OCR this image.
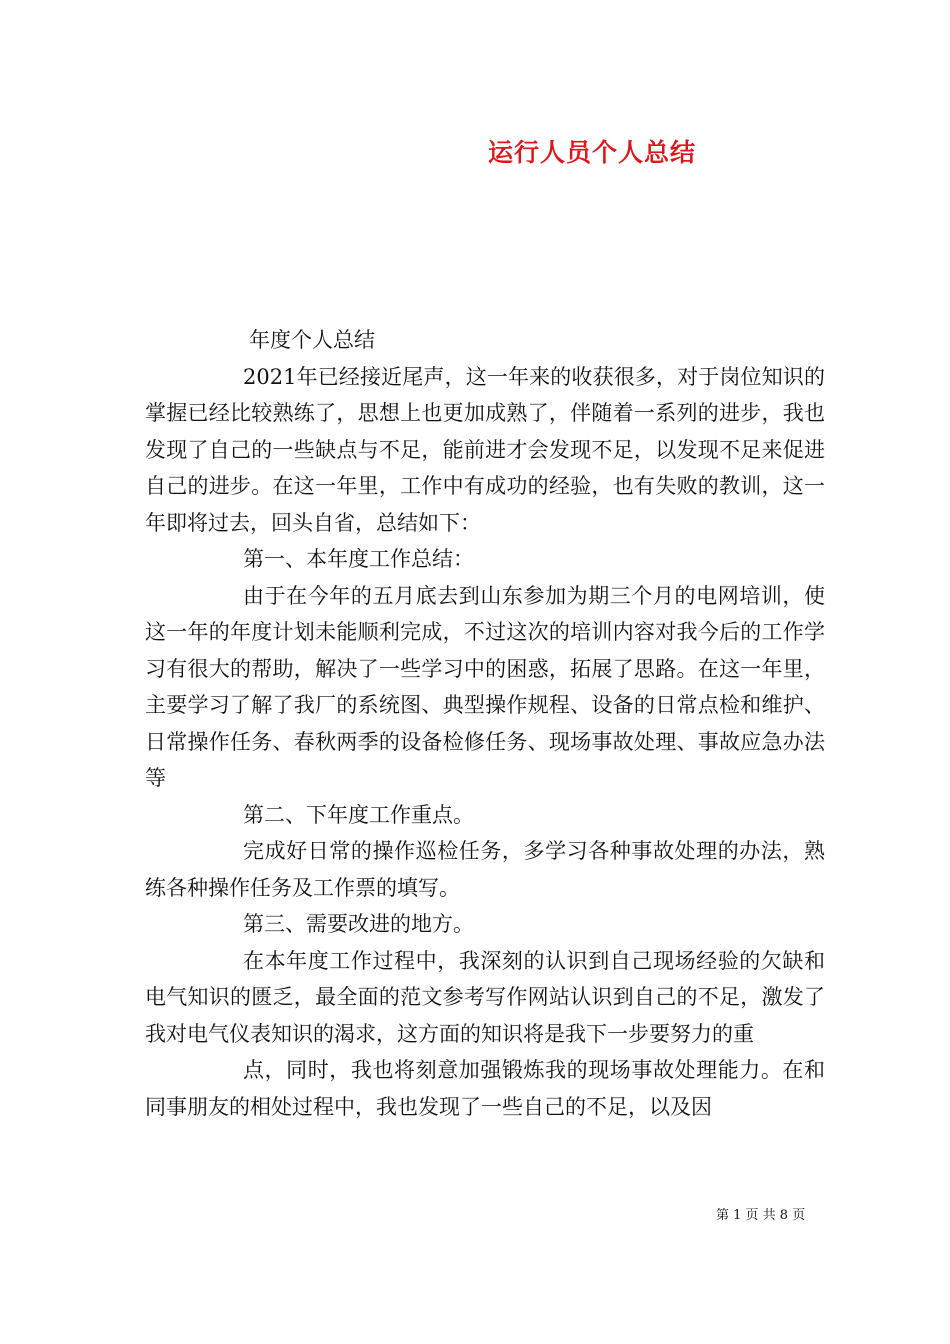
运行人员个人总结

年度个人总结

2021年已经接近尾声，这一年来的收获很多，对于岗位知识的掌握已经比较熟练了，思想上也更加成熟了，伴随着一系列的进步，我也发现了自己的一些缺点与不足，能前进才会发现不足，以发现不足来促进自己的进步。在这一年里，工作中有成功的经验，也有失败的教训，这一年即将过去，回头自省，总结如下：

第一、本年度工作总结：

由于在今年的五月底去到山东参加为期三个月的电网培训，使这一年的年度计划未能顺利完成，不过这次的培训内容对我今后的工作学习有很大的帮助，解决了一些学习中的困惑，拓展了思路。在这一年里，主要学习了解了我厂的系统图、典型操作规程、设备的日常点检和维护、日常操作任务、春秋两季的设备检修任务、现场事故处理、事故应急办法等

第二、下年度工作重点。

完成好日常的操作巡检任务，多学习各种事故处理的办法，熟练各种操作任务及工作票的填写。

第三、需要改进的地方。

在本年度工作过程中，我深刻的认识到自己现场经验的欠缺和电气知识的匮乏，最全面的范文参考写作网站认识到自己的不足，激发了我对电气仪表知识的渴求，这方面的知识将是我下一步要努力的重

点，同时，我也将刻意加强锻炼我的现场事故处理能力。在和同事朋友的相处过程中，我也发现了一些自己的不足，以及因

第 1 页 共 8 页
